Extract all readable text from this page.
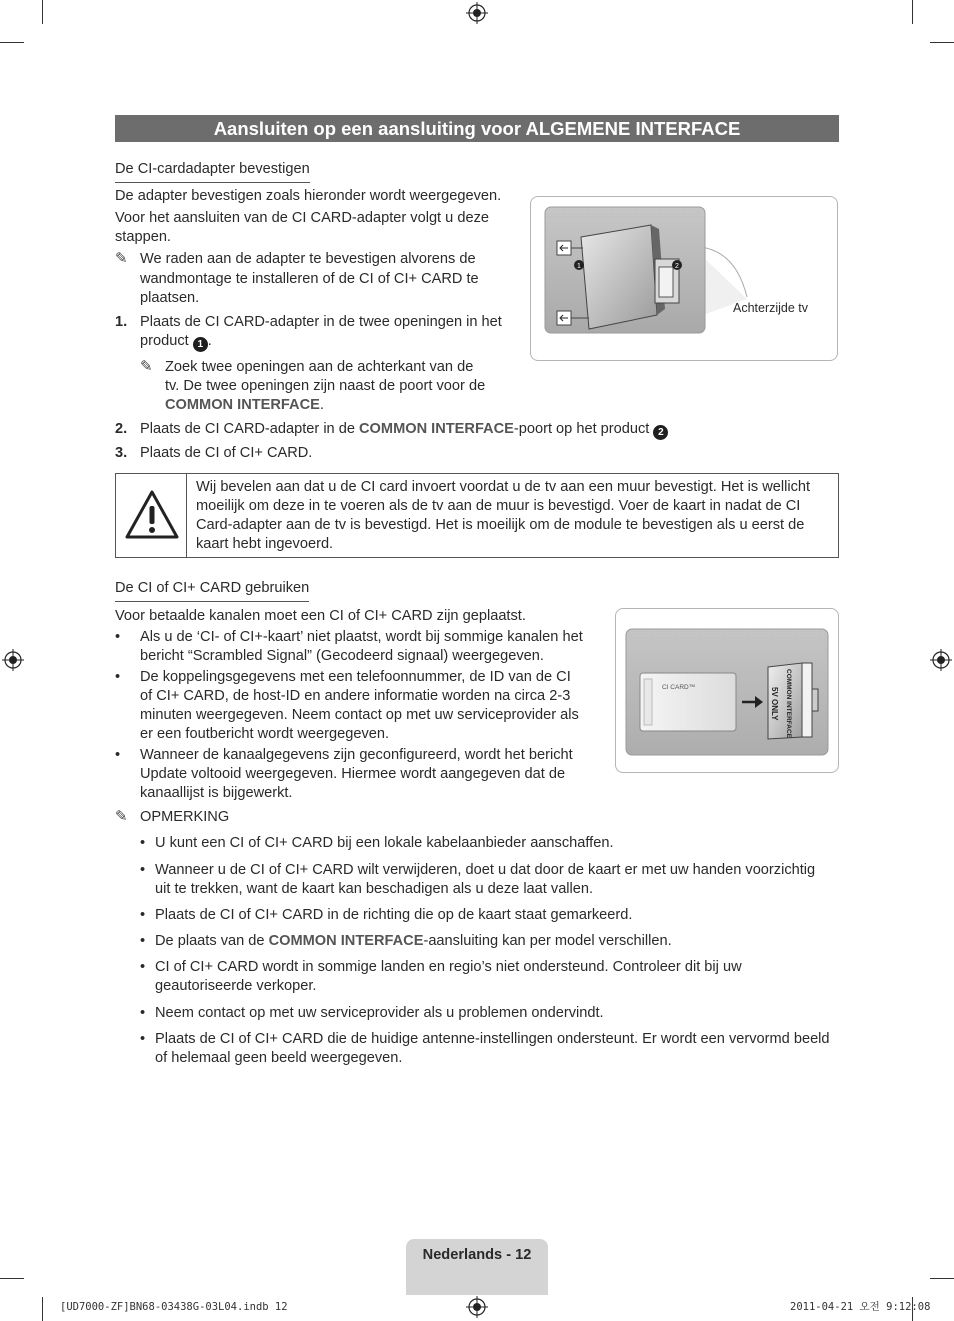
Aansluiten op een aansluiting voor ALGEMENE INTERFACE
De CI-cardadapter bevestigen
De adapter bevestigen zoals hieronder wordt weergegeven.
Voor het aansluiten van de CI CARD-adapter volgt u deze
stappen.
✎ We raden aan de adapter te bevestigen alvorens de
wandmontage te installeren of de CI of CI+ CARD te
plaatsen.
1. Plaats de CI CARD-adapter in de twee openingen in het
product 1 .
✎ Zoek twee openingen aan de achterkant van de
tv. De twee openingen zijn naast de poort voor de
COMMON INTERFACE.
2. Plaats de CI CARD-adapter in de COMMON INTERFACE-poort op het product 2
3. Plaats de CI of CI+ CARD.
1	2
Achterzijde tv
Wij bevelen aan dat u de CI card invoert voordat u de tv aan een muur bevestigt. Het is wellicht
moeilijk om deze in te voeren als de tv aan de muur is bevestigd. Voer de kaart in nadat de CI
Card-adapter aan de tv is bevestigd. Het is moeilijk om de module te bevestigen als u eerst de
kaart hebt ingevoerd.
De CI of CI+ CARD gebruiken
Voor betaalde kanalen moet een CI of CI+ CARD zijn geplaatst.
• Als u de ‘CI- of CI+-kaart’ niet plaatst, wordt bij sommige kanalen het
bericht “Scrambled Signal” (Gecodeerd signaal) weergegeven.
• De koppelingsgegevens met een telefoonnummer, de ID van de CI
of CI+ CARD, de host-ID en andere informatie worden na circa 2-3
minuten weergegeven. Neem contact op met uw serviceprovider als
er een foutbericht wordt weergegeven.
• Wanneer de kanaalgegevens zijn geconfigureerd, wordt het bericht
Update voltooid weergegeven. Hiermee wordt aangegeven dat de
kanaallijst is bijgewerkt.
CI CARD™	COMMON INTERFACE
5V ONLY
✎ OPMERKING
• U kunt een CI of CI+ CARD bij een lokale kabelaanbieder aanschaffen.
• Wanneer u de CI of CI+ CARD wilt verwijderen, doet u dat door de kaart er met uw handen voorzichtig
uit te trekken, want de kaart kan beschadigen als u deze laat vallen.
• Plaats de CI of CI+ CARD in de richting die op de kaart staat gemarkeerd.
• De plaats van de COMMON INTERFACE-aansluiting kan per model verschillen.
• CI of CI+ CARD wordt in sommige landen en regio’s niet ondersteund. Controleer dit bij uw
geautoriseerde verkoper.
• Neem contact op met uw serviceprovider als u problemen ondervindt.
• Plaats de CI of CI+ CARD die de huidige antenne-instellingen ondersteunt. Er wordt een vervormd beeld
of helemaal geen beeld weergegeven.
Nederlands - 12
[UD7000-ZF]BN68-03438G-03L04.indb 12	2011-04-21 오전 9:12:08
